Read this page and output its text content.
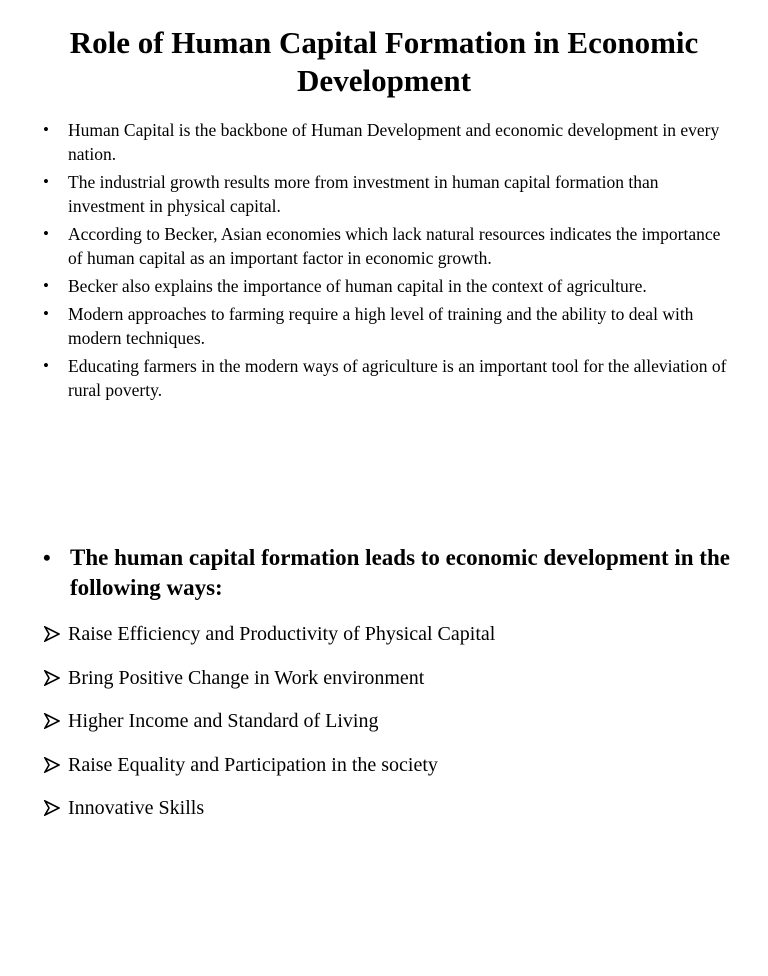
Role of Human Capital Formation in Economic Development
• Human Capital is the backbone of Human Development and economic development in every nation.
• The industrial growth results more from investment in human capital formation than investment in physical capital.
• According to Becker, Asian economies which lack natural resources indicates the importance of human capital as an important factor in economic growth.
• Becker also explains the importance of human capital in the context of agriculture.
• Modern approaches to farming require a high level of training and the ability to deal with modern techniques.
• Educating farmers in the modern ways of agriculture is an important tool for the alleviation of rural poverty.

• The human capital formation leads to economic development in the following ways:

Raise Efficiency and Productivity of Physical Capital
Bring Positive Change in Work environment
Higher Income and Standard of Living
Raise Equality and Participation in the society
Innovative Skills
